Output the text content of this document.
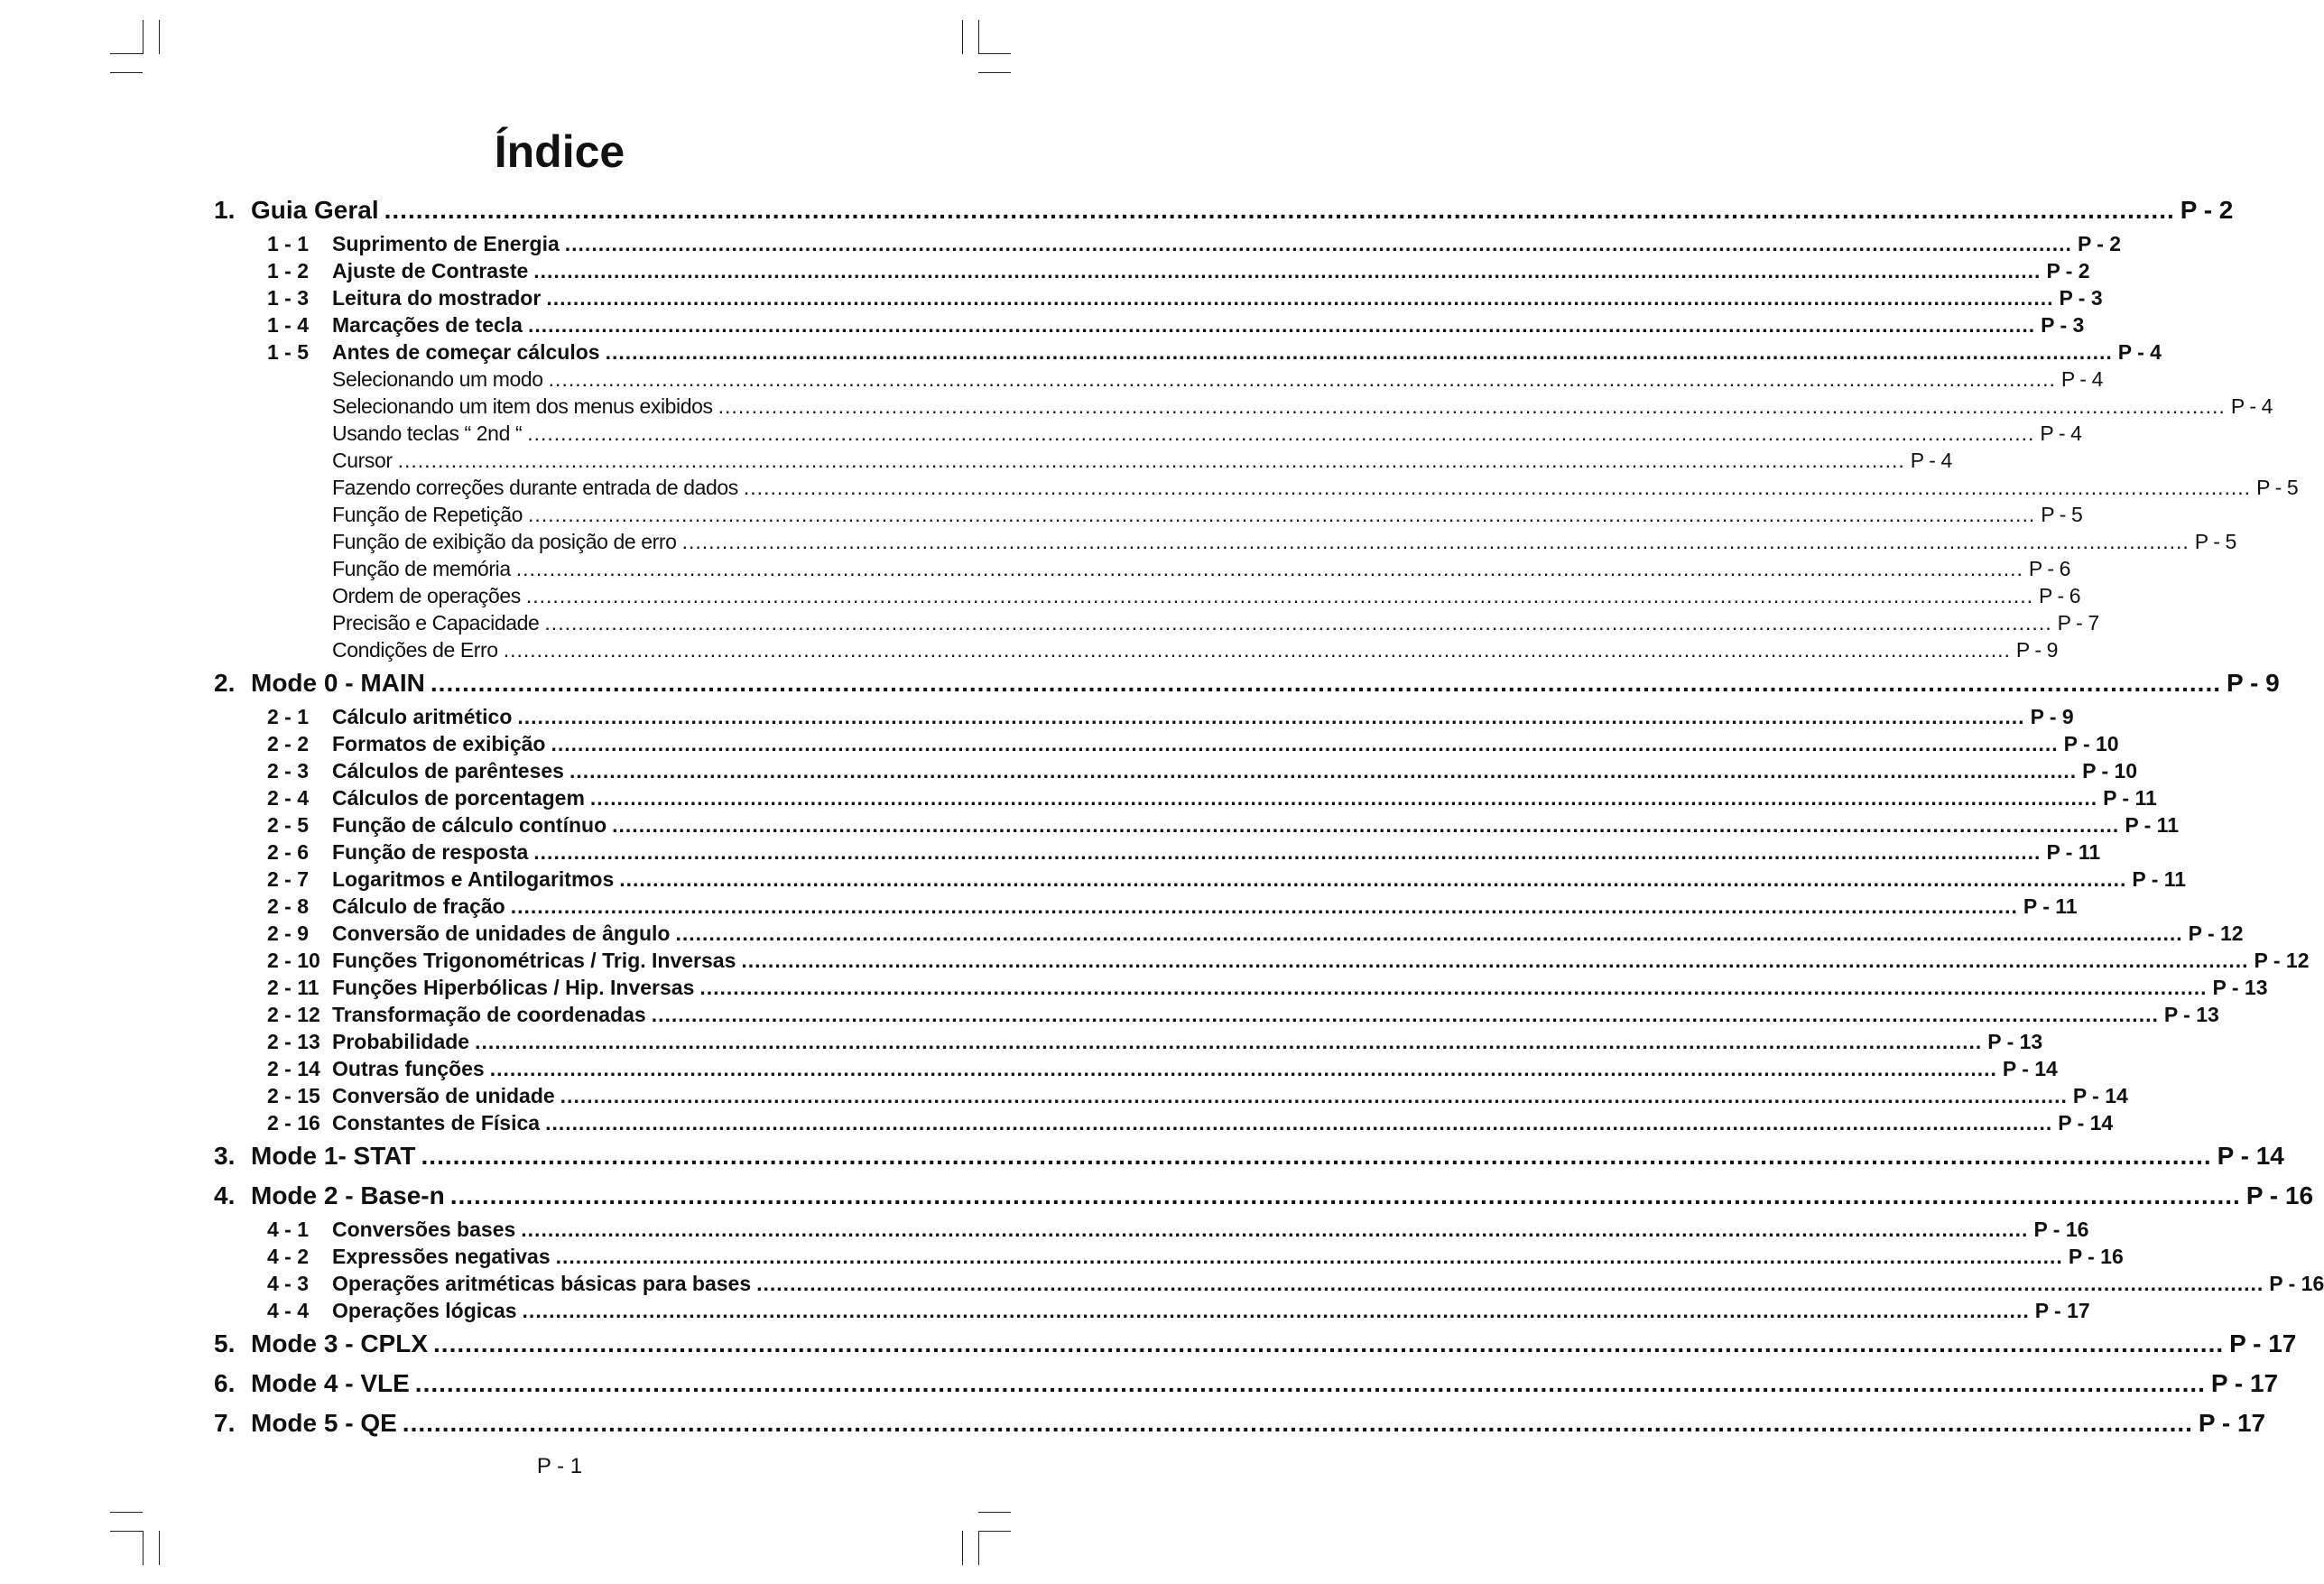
Índice
1. Guia Geral .....	P - 2
1 - 1	Suprimento de Energia .....	P - 2
1 - 2	Ajuste de Contraste .....	P - 2
1 - 3	Leitura do mostrador .....	P - 3
1 - 4	Marcações de tecla .....	P - 3
1 - 5	Antes de começar cálculos .....	P - 4
Selecionando um modo .....	P - 4
Selecionando um item dos menus exibidos .....	P - 4
Usando teclas “ 2nd “ .....	P - 4
Cursor .....	P - 4
Fazendo correções durante entrada de dados .....	P - 5
Função de Repetição .....	P - 5
Função de exibição da posição de erro .....	P - 5
Função de memória .....	P - 6
Ordem de operações .....	P - 6
Precisão e Capacidade .....	P - 7
Condições de Erro .....	P - 9
2. Mode 0 - MAIN .....	P - 9
2 - 1	Cálculo aritmético .....	P - 9
2 - 2	Formatos de exibição .....	P - 10
2 - 3	Cálculos de parênteses .....	P - 10
2 - 4	Cálculos de porcentagem .....	P - 11
2 - 5	Função de cálculo contínuo .....	P - 11
2 - 6	Função de resposta .....	P - 11
2 - 7	Logaritmos e Antilogaritmos .....	P - 11
2 - 8	Cálculo de fração .....	P - 11
2 - 9	Conversão de unidades de ângulo .....	P - 12
2 - 10 Funções Trigonométricas / Trig. Inversas .....	P - 12
2 - 11 Funções Hiperbólicas / Hip. Inversas .....	P - 13
2 - 12 Transformação de coordenadas .....	P - 13
2 - 13 Probabilidade .....	P - 13
2 - 14 Outras funções .....	P - 14
2 - 15 Conversão de unidade .....	P - 14
2 - 16 Constantes de Física .....	P - 14
3. Mode 1- STAT .....	P - 14
4. Mode 2 - Base-n .....	P - 16
4 - 1	Conversões bases .....	P - 16
4 - 2	Expressões negativas .....	P - 16
4 - 3	Operações aritméticas básicas para bases .....	P - 16
4 - 4	Operações lógicas .....	P - 17
5. Mode 3 - CPLX .....	P - 17
6. Mode 4 - VLE .....	P - 17
7. Mode 5 - QE .....	P - 17
P - 1
